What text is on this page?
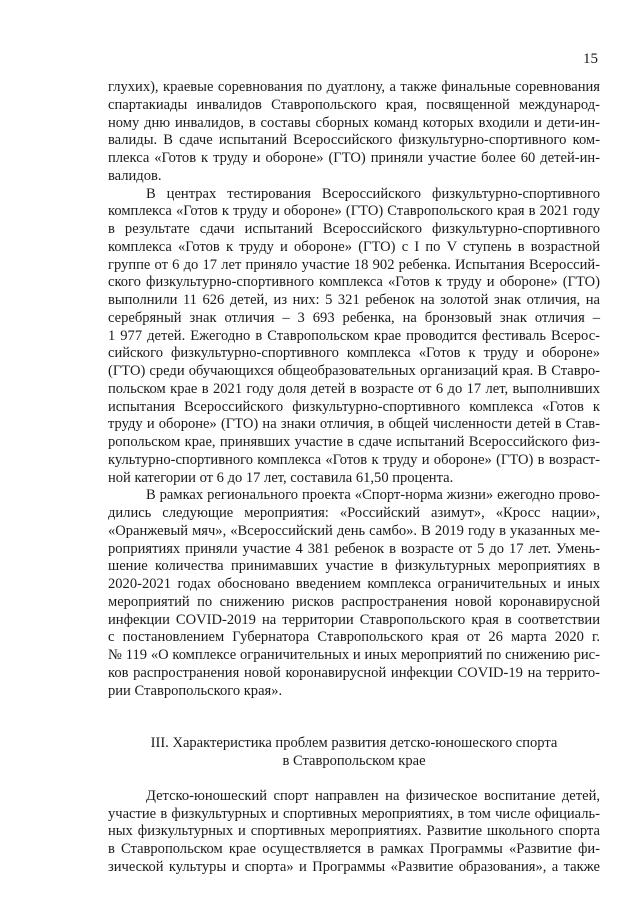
15
глухих), краевые соревнования по дуатлону, а также финальные соревнования
спартакиады инвалидов Ставропольского края, посвященной международ-
ному дню инвалидов, в составы сборных команд которых входили и дети-ин-
валиды. В сдаче испытаний Всероссийского физкультурно-спортивного ком-
плекса «Готов к труду и обороне» (ГТО) приняли участие более 60 детей-ин-
валидов.
В центрах тестирования Всероссийского физкультурно-спортивного
комплекса «Готов к труду и обороне» (ГТО) Ставропольского края в 2021 году
в результате сдачи испытаний Всероссийского физкультурно-спортивного
комплекса «Готов к труду и обороне» (ГТО) с I по V ступень в возрастной
группе от 6 до 17 лет приняло участие 18 902 ребенка. Испытания Всероссий-
ского физкультурно-спортивного комплекса «Готов к труду и обороне» (ГТО)
выполнили 11 626 детей, из них: 5 321 ребенок на золотой знак отличия, на
серебряный знак отличия – 3 693 ребенка, на бронзовый знак отличия –
1 977 детей. Ежегодно в Ставропольском крае проводится фестиваль Всерос-
сийского физкультурно-спортивного комплекса «Готов к труду и обороне»
(ГТО) среди обучающихся общеобразовательных организаций края. В Ставро-
польском крае в 2021 году доля детей в возрасте от 6 до 17 лет, выполнивших
испытания Всероссийского физкультурно-спортивного комплекса «Готов к
труду и обороне» (ГТО) на знаки отличия, в общей численности детей в Став-
ропольском крае, принявших участие в сдаче испытаний Всероссийского физ-
культурно-спортивного комплекса «Готов к труду и обороне» (ГТО) в возраст-
ной категории от 6 до 17 лет, составила 61,50 процента.
В рамках регионального проекта «Спорт-норма жизни» ежегодно прово-
дились следующие мероприятия: «Российский азимут», «Кросс нации»,
«Оранжевый мяч», «Всероссийский день самбо». В 2019 году в указанных ме-
роприятиях приняли участие 4 381 ребенок в возрасте от 5 до 17 лет. Умень-
шение количества принимавших участие в физкультурных мероприятиях в
2020-2021 годах обосновано введением комплекса ограничительных и иных
мероприятий по снижению рисков распространения новой коронавирусной
инфекции COVID-2019 на территории Ставропольского края в соответствии
с постановлением Губернатора Ставропольского края от 26 марта 2020 г.
№ 119 «О комплексе ограничительных и иных мероприятий по снижению рис-
ков распространения новой коронавирусной инфекции COVID-19 на террито-
рии Ставропольского края».
III. Характеристика проблем развития детско-юношеского спорта
в Ставропольском крае
Детско-юношеский спорт направлен на физическое воспитание детей,
участие в физкультурных и спортивных мероприятиях, в том числе официаль-
ных физкультурных и спортивных мероприятиях. Развитие школьного спорта
в Ставропольском крае осуществляется в рамках Программы «Развитие фи-
зической культуры и спорта» и Программы «Развитие образования», а также
